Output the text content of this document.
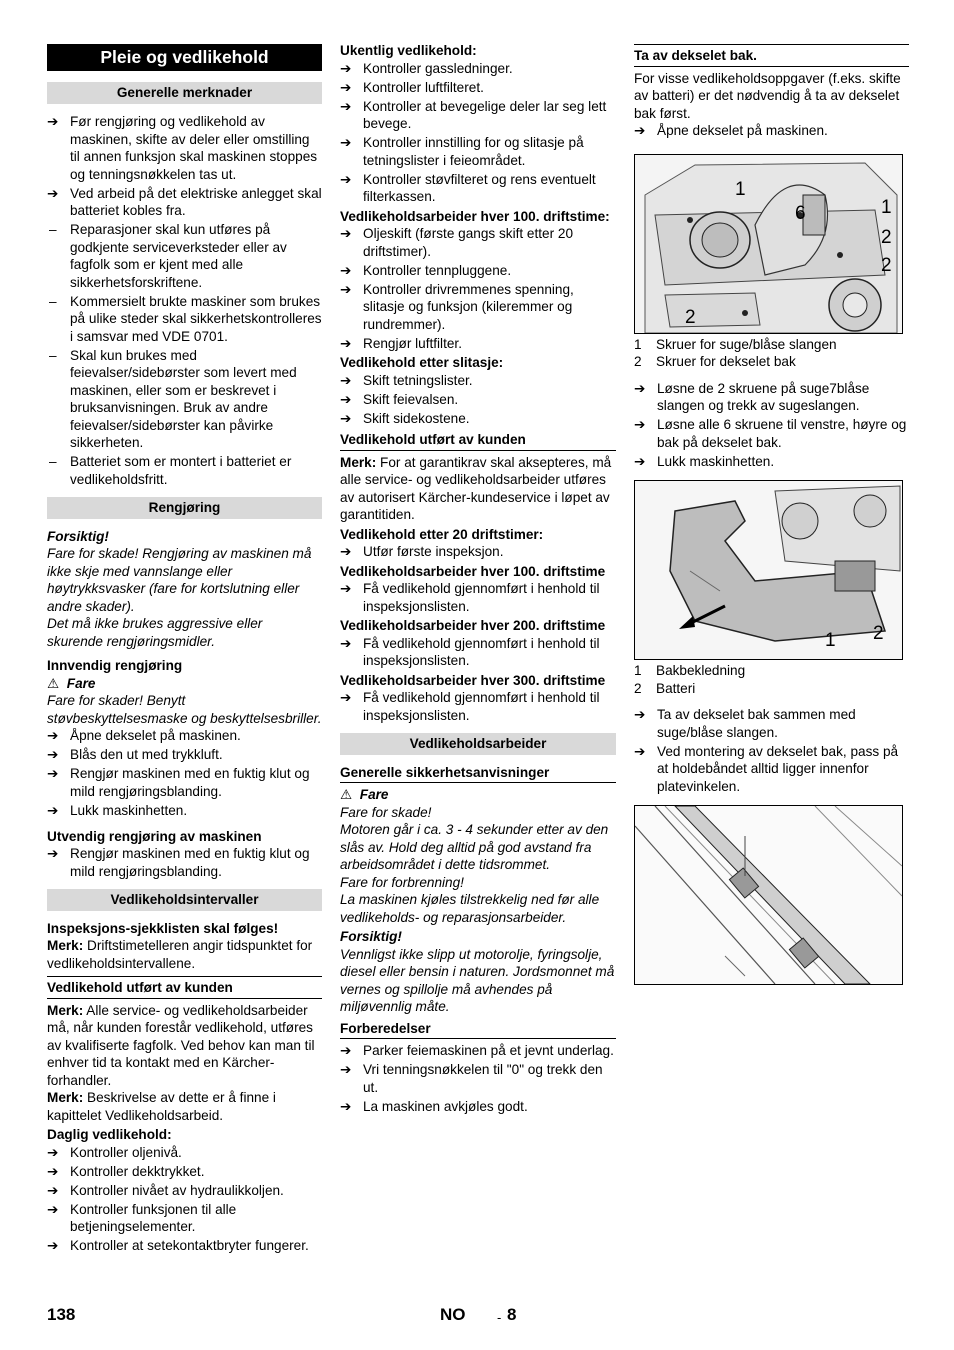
Pleie og vedlikehold
Generelle merknader
➔ Før rengjøring og vedlikehold av maskinen, skifte av deler eller omstilling til annen funksjon skal maskinen stoppes og tenningsnøkkelen tas ut.
➔ Ved arbeid på det elektriske anlegget skal batteriet kobles fra.
– Reparasjoner skal kun utføres på godkjente serviceverksteder eller av fagfolk som er kjent med alle sikkerhetsforskriftene.
– Kommersielt brukte maskiner som brukes på ulike steder skal sikkerhetskontrolleres i samsvar med VDE 0701.
– Skal kun brukes med feievalser/sidebørster som levert med maskinen, eller som er beskrevet i bruksanvisningen. Bruk av andre feievalser/sidebørster kan påvirke sikkerheten.
– Batteriet som er montert i batteriet er vedlikeholdsfritt.
Rengjøring
Forsiktig!
Fare for skade! Rengjøring av maskinen må ikke skje med vannslange eller høytrykksvasker (fare for kortslutning eller andre skader).
Det må ikke brukes aggressive eller skurende rengjøringsmidler.
Innvendig rengjøring
⚠ Fare
Fare for skader! Benytt støvbeskyttelsesmaske og beskyttelsesbriller.
➔ Åpne dekselet på maskinen.
➔ Blås den ut med trykkluft.
➔ Rengjør maskinen med en fuktig klut og mild rengjøringsblanding.
➔ Lukk maskinhetten.
Utvendig rengjøring av maskinen
➔ Rengjør maskinen med en fuktig klut og mild rengjøringsblanding.
Vedlikeholdsintervaller
Inspeksjons-sjekklisten skal følges!
Merk: Driftstimetelleren angir tidspunktet for vedlikeholdsintervallene.
Vedlikehold utført av kunden
Merk: Alle service- og vedlikeholdsarbeider må, når kunden forestår vedlikehold, utføres av kvalifiserte fagfolk. Ved behov kan man til enhver tid ta kontakt med en Kärcher-forhandler.
Merk: Beskrivelse av dette er å finne i kapittelet Vedlikeholdsarbeid.
Daglig vedlikehold:
➔ Kontroller oljenivå.
➔ Kontroller dekktrykket.
➔ Kontroller nivået av hydraulikkoljen.
➔ Kontroller funksjonen til alle betjeningselementer.
➔ Kontroller at setekontaktbryter fungerer.
Ukentlig vedlikehold:
➔ Kontroller gassledninger.
➔ Kontroller luftfilteret.
➔ Kontroller at bevegelige deler lar seg lett bevege.
➔ Kontroller innstilling for og slitasje på tetningslister i feieområdet.
➔ Kontroller støvfilteret og rens eventuelt filterkassen.
Vedlikeholdsarbeider hver 100. driftstime:
➔ Oljeskift (første gangs skift etter 20 driftstimer).
➔ Kontroller tennpluggene.
➔ Kontroller drivremmenes spenning, slitasje og funksjon (kileremmer og rundremmer).
➔ Rengjør luftfilter.
Vedlikehold etter slitasje:
➔ Skift tetningslister.
➔ Skift feievalsen.
➔ Skift sidekostene.
Vedlikehold utført av kunden
Merk: For at garantikrav skal aksepteres, må alle service- og vedlikeholdsarbeider utføres av autorisert Kärcher-kundeservice i løpet av garantitiden.
Vedlikehold etter 20 driftstimer:
➔ Utfør første inspeksjon.
Vedlikeholdsarbeider hver 100. driftstime
➔ Få vedlikehold gjennomført i henhold til inspeksjonslisten.
Vedlikeholdsarbeider hver 200. driftstime
➔ Få vedlikehold gjennomført i henhold til inspeksjonslisten.
Vedlikeholdsarbeider hver 300. driftstime
➔ Få vedlikehold gjennomført i henhold til inspeksjonslisten.
Vedlikeholdsarbeider
Generelle sikkerhetsanvisninger
⚠ Fare
Fare for skade!
Motoren går i ca. 3 - 4 sekunder etter av den slås av. Hold deg alltid på god avstand fra arbeidsområdet i dette tidsrommet.
Fare for forbrenning!
La maskinen kjøles tilstrekkelig ned før alle vedlikeholds- og reparasjonsarbeider.
Forsiktig!
Vennligst ikke slipp ut motorolje, fyringsolje, diesel eller bensin i naturen. Jordsmonnet må vernes og spillolje må avhendes på miljøvennlig måte.
Forberedelser
➔ Parker feiemaskinen på et jevnt underlag.
➔ Vri tenningsnøkkelen til "0" og trekk den ut.
➔ La maskinen avkjøles godt.
Ta av dekselet bak.
For visse vedlikeholdsoppgaver (f.eks. skifte av batteri) er det nødvendig å ta av dekselet bak først.
➔ Åpne dekselet på maskinen.
1
6	1
2
2
2
1 Skruer for suge/blåse slangen
2 Skruer for dekselet bak
➔ Løsne de 2 skruene på suge7blåse slangen og trekk av sugeslangen.
➔ Løsne alle 6 skruene til venstre, høyre og bak på dekselet bak.
➔ Lukk maskinhetten.
1 2
1 Bakbekledning
2 Batteri
➔ Ta av dekselet bak sammen med suge/blåse slangen.
➔ Ved montering av dekselet bak, pass på at holdebåndet alltid ligger innenfor platevinkelen.
138	NO - 8
